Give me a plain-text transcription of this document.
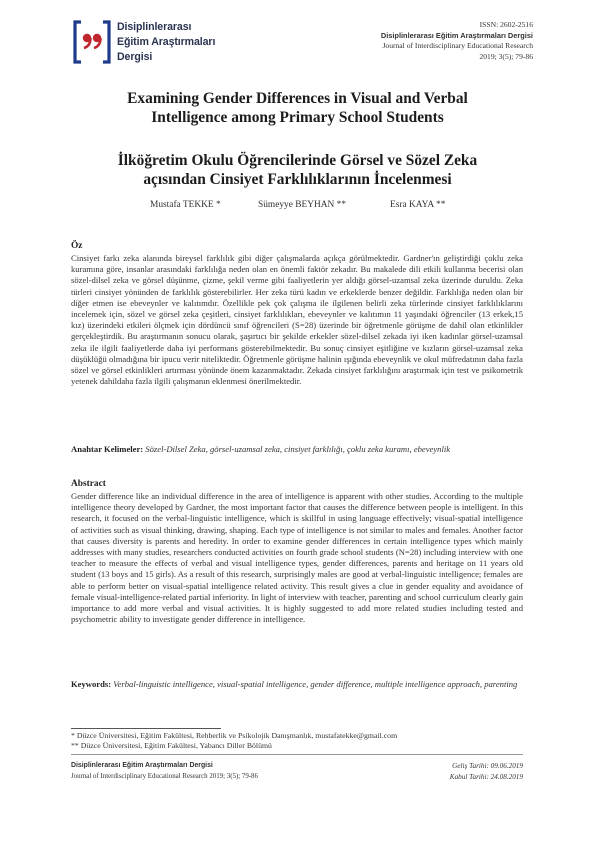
Disiplinlerarası
Eğitim Araştırmaları
Dergisi
ISSN: 2602-2516
Disiplinlerarası Eğitim Araştırmaları Dergisi
Journal of Interdisciplinary Educational Research
2019; 3(5); 79-86
Examining Gender Differences in Visual and Verbal
Intelligence among Primary School Students
İlköğretim Okulu Öğrencilerinde Görsel ve Sözel Zeka
açısından Cinsiyet Farklılıklarının İncelenmesi
Mustafa TEKKE *	Sümeyye BEYHAN **	Esra KAYA **
Öz

Cinsiyet farkı zeka alanında bireysel farklılık gibi diğer çalışmalarda açıkça görülmektedir. Gardner'ın geliştirdiği çoklu zeka kuramına göre, insanlar arasındaki farklılığa neden olan en önemli faktör zekadır. Bu makalede dili etkili kullanma becerisi olan sözel-dilsel zeka ve görsel düşünme, çizme, şekil verme gibi faaliyetlerin yer aldığı görsel-uzamsal zeka üzerinde duruldu. Zeka türleri cinsiyet yönünden de farklılık gösterebilirler. Her zeka türü kadın ve erkeklerde benzer değildir. Farklılığa neden olan bir diğer etmen ise ebeveynler ve kalıtımdır. Özellikle pek çok çalışma ile ilgilenen belirli zeka türlerinde cinsiyet farklılıklarını incelemek için, sözel ve görsel zeka çeşitleri, cinsiyet farklılıkları, ebeveynler ve kalıtımın 11 yaşındaki öğrenciler (13 erkek,15 kız) üzerindeki etkileri ölçmek için dördüncü sınıf öğrencileri (S=28) üzerinde bir öğretmenle görüşme de dahil olan etkinlikler gerçekleştirdik. Bu araştırmanın sonucu olarak, şaşırtıcı bir şekilde erkekler sözel-dilsel zekada iyi iken kadınlar görsel-uzamsal zeka ile ilgili faaliyetlerde daha iyi performans gösterebilmektedir. Bu sonuç cinsiyet eşitliğine ve kızların görsel-uzamsal zeka düşüklüğü olmadığına bir ipucu verir niteliktedir. Öğretmenle görüşme halinin ışığında ebeveynlik ve okul müfredatının daha fazla sözel ve görsel etkinlikleri artırması yönünde önem kazanmaktadır. Zekada cinsiyet farklılığını araştırmak için test ve psikometrik yetenek dahildaha fazla ilgili çalışmanın eklenmesi önerilmektedir.

Anahtar Kelimeler: Sözel-Dilsel Zeka, görsel-uzamsal zeka, cinsiyet farklılığı, çoklu zeka kuramı, ebeveynlik
Abstract

Gender difference like an individual difference in the area of intelligence is apparent with other studies. According to the multiple intelligence theory developed by Gardner, the most important factor that causes the difference between people is intelligent. In this research, it focused on the verbal-linguistic intelligence, which is skillful in using language effectively; visual-spatial intelligence of activities such as visual thinking, drawing, shaping. Each type of intelligence is not similar to males and females. Another factor that causes diversity is parents and heredity. In order to examine gender differences in certain intelligence types which mainly addresses with many studies, researchers conducted activities on fourth grade school students (N=28) including interview with one teacher to measure the effects of verbal and visual intelligence types, gender differences, parents and heritage on 11 years old student (13 boys and 15 girls). As a result of this research, surprisingly males are good at verbal-linguistic intelligence; females are able to perform better on visual-spatial intelligence related activity. This result gives a clue in gender equality and avoidance of female visual-intelligence-related partial inferiority. In light of interview with teacher, parenting and school curriculum clearly gain importance to add more verbal and visual activities. It is highly suggested to add more related studies including tested and psychometric ability to investigate gender difference in intelligence.

Keywords: Verbal-linguistic intelligence, visual-spatial intelligence, gender difference, multiple intelligence approach, parenting
* Düzce Üniversitesi, Eğitim Fakültesi, Rehberlik ve Psikolojik Danışmanlık, mustafatekke@gmail.com
** Düzce Üniversitesi, Eğitim Fakültesi, Yabancı Diller Bölümü
Disiplinlerarası Eğitim Araştırmaları Dergisi
Journal of Interdisciplinary Educational Research 2019; 3(5); 79-86
Geliş Tarihi: 09.06.2019
Kabul Tarihi: 24.08.2019
